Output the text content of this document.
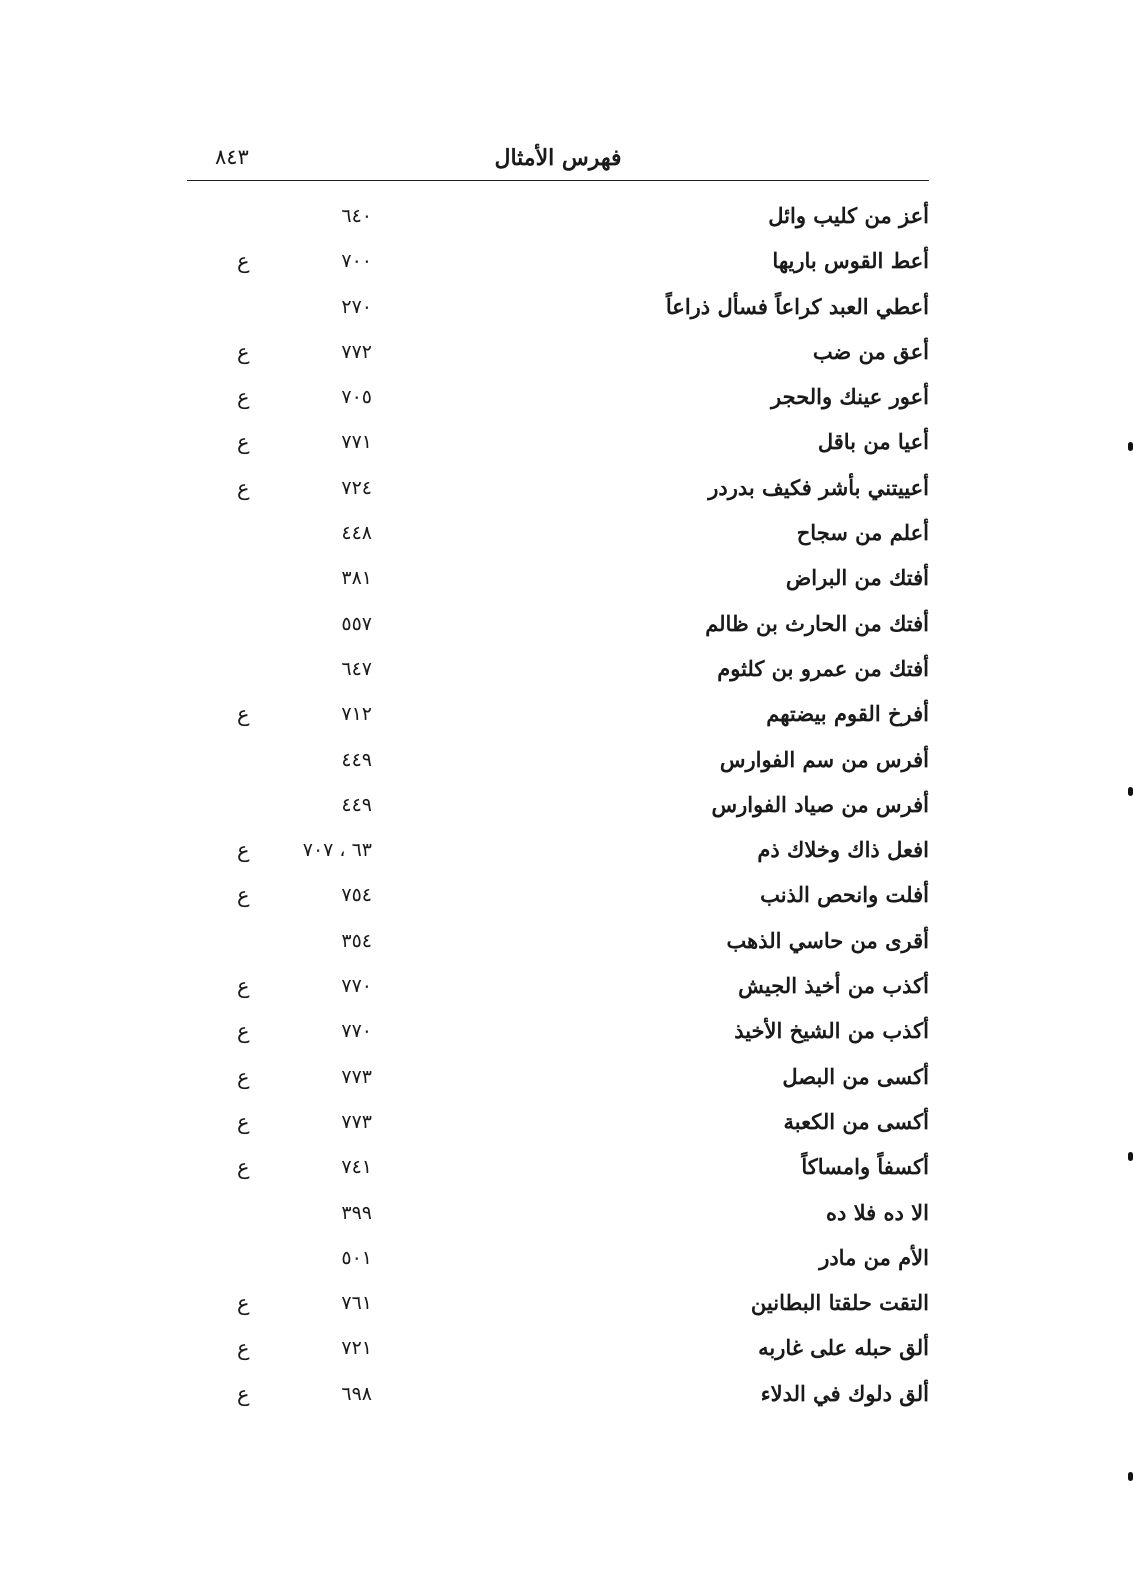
٨٤٣	فهرس الأمثال
أعز من كليب وائل
٦٤٠
أعط القوس باريها
٧٠٠
ع
أعطي العبد كراعاً فسأل ذراعاً
٢٧٠
أعق من ضب
٧٧٢
ع
أعور عينك والحجر
٧٠٥
ع
أعيا من باقل
٧٧١
ع
أعييتني بأشر فكيف بدردر
٧٢٤
ع
أعلم من سجاح
٤٤٨
أفتك من البراض
٣٨١
أفتك من الحارث بن ظالم
٥٥٧
أفتك من عمرو بن كلثوم
٦٤٧
أفرخ القوم بيضتهم
٧١٢
ع
أفرس من سم الفوارس
٤٤٩
أفرس من صياد الفوارس
٤٤٩
افعل ذاك وخلاك ذم
٦٣ ، ٧٠٧
ع
أفلت وانحص الذنب
٧٥٤
ع
أقرى من حاسي الذهب
٣٥٤
أكذب من أخيذ الجيش
٧٧٠
ع
أكذب من الشيخ الأخيذ
٧٧٠
ع
أكسى من البصل
٧٧٣
ع
أكسى من الكعبة
٧٧٣
ع
أكسفاً وامساكاً
٧٤١
ع
الا ده فلا ده
٣٩٩
الأم من مادر
٥٠١
التقت حلقتا البطانين
٧٦١
ع
ألق حبله على غاربه
٧٢١
ع
ألق دلوك في الدلاء
٦٩٨
ع
